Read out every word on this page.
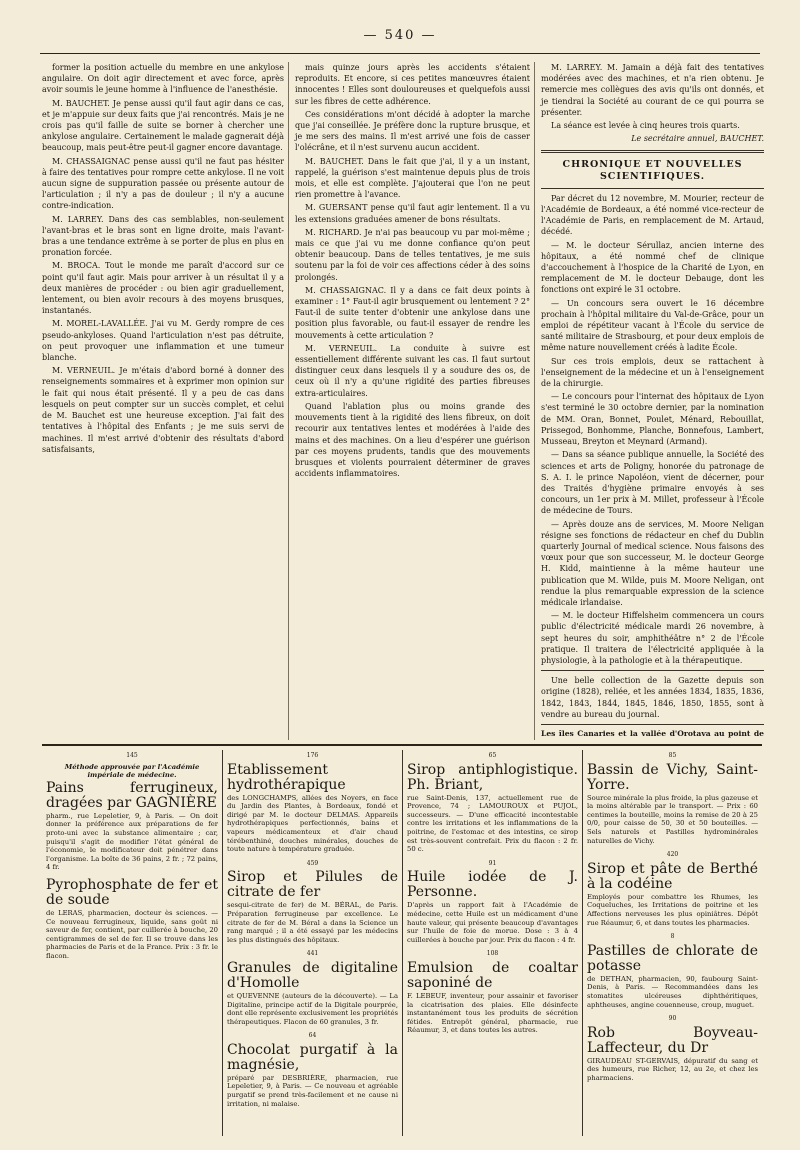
— 540 —

former la position actuelle du membre en une ankylose angulaire. On doit agir directement et avec force, après avoir soumis le jeune homme à l'influence de l'anesthésie.

M. BAUCHET. Je pense aussi qu'il faut agir dans ce cas, et je m'appuie sur deux faits que j'ai rencontrés. Mais je ne crois pas qu'il faille de suite se borner à chercher une ankylose angulaire. Certainement le malade gagnerait déjà beaucoup, mais peut-être peut-il gagner encore davantage.

M. CHASSAIGNAC pense aussi qu'il ne faut pas hésiter à faire des tentatives pour rompre cette ankylose. Il ne voit aucun signe de suppuration passée ou présente autour de l'articulation ; il n'y a pas de douleur ; il n'y a aucune contre-indication.

M. LARREY. Dans des cas semblables, non-seulement l'avant-bras et le bras sont en ligne droite, mais l'avant-bras a une tendance extrême à se porter de plus en plus en pronation forcée.

M. BROCA. Tout le monde me paraît d'accord sur ce point qu'il faut agir. Mais pour arriver à un résultat il y a deux manières de procéder : ou bien agir graduellement, lentement, ou bien avoir recours à des moyens brusques, instantanés.

M. MOREL-LAVALLÉE. J'ai vu M. Gerdy rompre de ces pseudo-ankyloses. Quand l'articulation n'est pas détruite, on peut provoquer une inflammation et une tumeur blanche.

M. VERNEUIL. Je m'étais d'abord borné à donner des renseignements sommaires et à exprimer mon opinion sur le fait qui nous était présenté. Il y a peu de cas dans lesquels on peut compter sur un succès complet, et celui de M. Bauchet est une heureuse exception. J'ai fait des tentatives à l'hôpital des Enfants ; je me suis servi de machines. Il m'est arrivé d'obtenir des résultats d'abord satisfaisants,

mais quinze jours après les accidents s'étaient reproduits. Et encore, si ces petites manœuvres étaient innocentes ! Elles sont douloureuses et quelquefois aussi sur les fibres de cette adhérence.

Ces considérations m'ont décidé à adopter la marche que j'ai conseillée. Je préfère donc la rupture brusque, et je me sers des mains. Il m'est arrivé une fois de casser l'olécrâne, et il n'est survenu aucun accident.

M. BAUCHET. Dans le fait que j'ai, il y a un instant, rappelé, la guérison s'est maintenue depuis plus de trois mois, et elle est complète. J'ajouterai que l'on ne peut rien promettre à l'avance.

M. GUERSANT pense qu'il faut agir lentement. Il a vu les extensions graduées amener de bons résultats.

M. RICHARD. Je n'ai pas beaucoup vu par moi-même ; mais ce que j'ai vu me donne confiance qu'on peut obtenir beaucoup. Dans de telles tentatives, je me suis soutenu par la foi de voir ces affections céder à des soins prolongés.

M. CHASSAIGNAC. Il y a dans ce fait deux points à examiner : 1° Faut-il agir brusquement ou lentement ? 2° Faut-il de suite tenter d'obtenir une ankylose dans une position plus favorable, ou faut-il essayer de rendre les mouvements à cette articulation ?

M. VERNEUIL. La conduite à suivre est essentiellement différente suivant les cas. Il faut surtout distinguer ceux dans lesquels il y a soudure des os, de ceux où il n'y a qu'une rigidité des parties fibreuses extra-articulaires.

Quand l'ablation plus ou moins grande des mouvements tient à la rigidité des liens fibreux, on doit recourir aux tentatives lentes et modérées à l'aide des mains et des machines. On a lieu d'espérer une guérison par ces moyens prudents, tandis que des mouvements brusques et violents pourraient déterminer de graves accidents inflammatoires.

M. LARREY. M. Jamain a déjà fait des tentatives modérées avec des machines, et n'a rien obtenu. Je remercie mes collègues des avis qu'ils ont donnés, et je tiendrai la Société au courant de ce qui pourra se présenter.

La séance est levée à cinq heures trois quarts.

Le secrétaire annuel, BAUCHET.
CHRONIQUE ET NOUVELLES SCIENTIFIQUES.

Par décret du 12 novembre, M. Mourier, recteur de l'Académie de Bordeaux, a été nommé vice-recteur de l'Académie de Paris, en remplacement de M. Artaud, décédé.

— M. le docteur Sérullaz, ancien interne des hôpitaux, a été nommé chef de clinique d'accouchement à l'hospice de la Charité de Lyon, en remplacement de M. le docteur Debauge, dont les fonctions ont expiré le 31 octobre.

— Un concours sera ouvert le 16 décembre prochain à l'hôpital militaire du Val-de-Grâce, pour un emploi de répétiteur vacant à l'École du service de santé militaire de Strasbourg, et pour deux emplois de même nature nouvellement créés à ladite École.

Sur ces trois emplois, deux se rattachent à l'enseignement de la médecine et un à l'enseignement de la chirurgie.

— Le concours pour l'internat des hôpitaux de Lyon s'est terminé le 30 octobre dernier, par la nomination de MM. Oran, Bonnet, Poulet, Ménard, Rebouillat, Prissegod, Bonhomme, Planche, Bonnefous, Lambert, Musseau, Breyton et Meynard (Armand).

— Dans sa séance publique annuelle, la Société des sciences et arts de Poligny, honorée du patronage de S. A. I. le prince Napoléon, vient de décerner, pour des Traités d'hygiène primaire envoyés à ses concours, un 1er prix à M. Millet, professeur à l'École de médecine de Tours.

— Après douze ans de services, M. Moore Neligan résigne ses fonctions de rédacteur en chef du Dublin quarterly Journal of medical science. Nous faisons des vœux pour que son successeur, M. le docteur George H. Kidd, maintienne à la même hauteur une publication que M. Wilde, puis M. Moore Neligan, ont rendue la plus remarquable expression de la science médicale irlandaise.

— M. le docteur Hiffelsheim commencera un cours public d'électricité médicale mardi 26 novembre, à sept heures du soir, amphithéâtre n° 2 de l'École pratique. Il traitera de l'électricité appliquée à la physiologie, à la pathologie et à la thérapeutique.

Une belle collection de la Gazette depuis son origine (1828), reliée, et les années 1834, 1835, 1836, 1842, 1843, 1844, 1845, 1846, 1850, 1855, sont à vendre au bureau du journal.

Les îles Canaries et la vallée d'Orotava au point de
145
Méthode approuvée par l'Académie impériale de médecine.
Pains ferrugineux, dragées par GAGNIÈRE

pharm., rue Lepeletier, 9, à Paris. — On doit donner la préférence aux préparations de fer proto-uni avec la substance alimentaire ; car, puisqu'il s'agit de modifier l'état général de l'économie, le modificateur doit pénétrer dans l'organisme. La boîte de 36 pains, 2 fr. ; 72 pains, 4 fr.

Pyrophosphate de fer et de soude

de LERAS, pharmacien, docteur ès sciences. — Ce nouveau ferrugineux, liquide, sans goût ni saveur de fer, contient, par cuillerée à bouche, 20 centigrammes de sel de fer. Il se trouve dans les pharmacies de Paris et de la France. Prix : 3 fr. le flacon.

176
Etablissement hydrothérapique

des LONGCHAMPS, allées des Noyers, en face du Jardin des Plantes, à Bordeaux, fondé et dirigé par M. le docteur DELMAS. Appareils hydrothérapiques perfectionnés, bains et vapeurs médicamenteux et d'air chaud térébenthiné, douches minérales, douches de toute nature à température graduée.

459
Sirop et Pilules de citrate de fer

sesqui-citrate de fer) de M. BÉRAL, de Paris. Préparation ferrugineuse par excellence. Le citrate de fer de M. Béral a dans la Science un rang marqué ; il a été essayé par les médecins les plus distingués des hôpitaux.

441
Granules de digitaline d'Homolle

et QUEVENNE (auteurs de la découverte). — La Digitaline, principe actif de la Digitale pourprée, dont elle représente exclusivement les propriétés thérapeutiques. Flacon de 60 granules, 3 fr.

64
Chocolat purgatif à la magnésie,

préparé par DESBRIÈRE, pharmacien, rue Lepeletier, 9, à Paris. — Ce nouveau et agréable purgatif se prend très-facilement et ne cause ni irritation, ni malaise.

65
Sirop antiphlogistique. Ph. Briant,

rue Saint-Denis, 137, actuellement rue de Provence, 74 ; LAMOUROUX et PUJOL, successeurs. — D'une efficacité incontestable contre les irritations et les inflammations de la poitrine, de l'estomac et des intestins, ce sirop est très-souvent contrefait. Prix du flacon : 2 fr. 50 c.

91
Huile iodée de J. Personne.

D'après un rapport fait à l'Académie de médecine, cette Huile est un médicament d'une haute valeur, qui présente beaucoup d'avantages sur l'huile de foie de morue. Dose : 3 à 4 cuillerées à bouche par jour. Prix du flacon : 4 fr.

108
Emulsion de coaltar saponiné de

F. LEBEUF, inventeur, pour assainir et favoriser la cicatrisation des plaies. Elle désinfecte instantanément tous les produits de sécrétion fétides. Entrepôt général, pharmacie, rue Réaumur, 3, et dans toutes les autres.

85
Bassin de Vichy, Saint-Yorre.

Source minérale la plus froide, la plus gazeuse et la moins altérable par le transport. — Prix : 60 centimes la bouteille, moins la remise de 20 à 25 0/0, pour caisse de 50, 30 et 50 bouteilles. — Sels naturels et Pastilles hydrominérales naturelles de Vichy.

420
Sirop et pâte de Berthé à la codéine

Employés pour combattre les Rhumes, les Coqueluches, les Irritations de poitrine et les Affections nerveuses les plus opiniâtres. Dépôt rue Réaumur, 6, et dans toutes les pharmacies.

8
Pastilles de chlorate de potasse

de DETHAN, pharmacien, 90, faubourg Saint-Denis, à Paris. — Recommandées dans les stomatites ulcéreuses diphthéritiques, aphtheuses, angine couenneuse, croup, muguet.

90
Rob Boyveau-Laffecteur, du Dr

GIRAUDEAU ST-GERVAIS, dépuratif du sang et des humeurs, rue Richer, 12, au 2e, et chez les pharmaciens.
